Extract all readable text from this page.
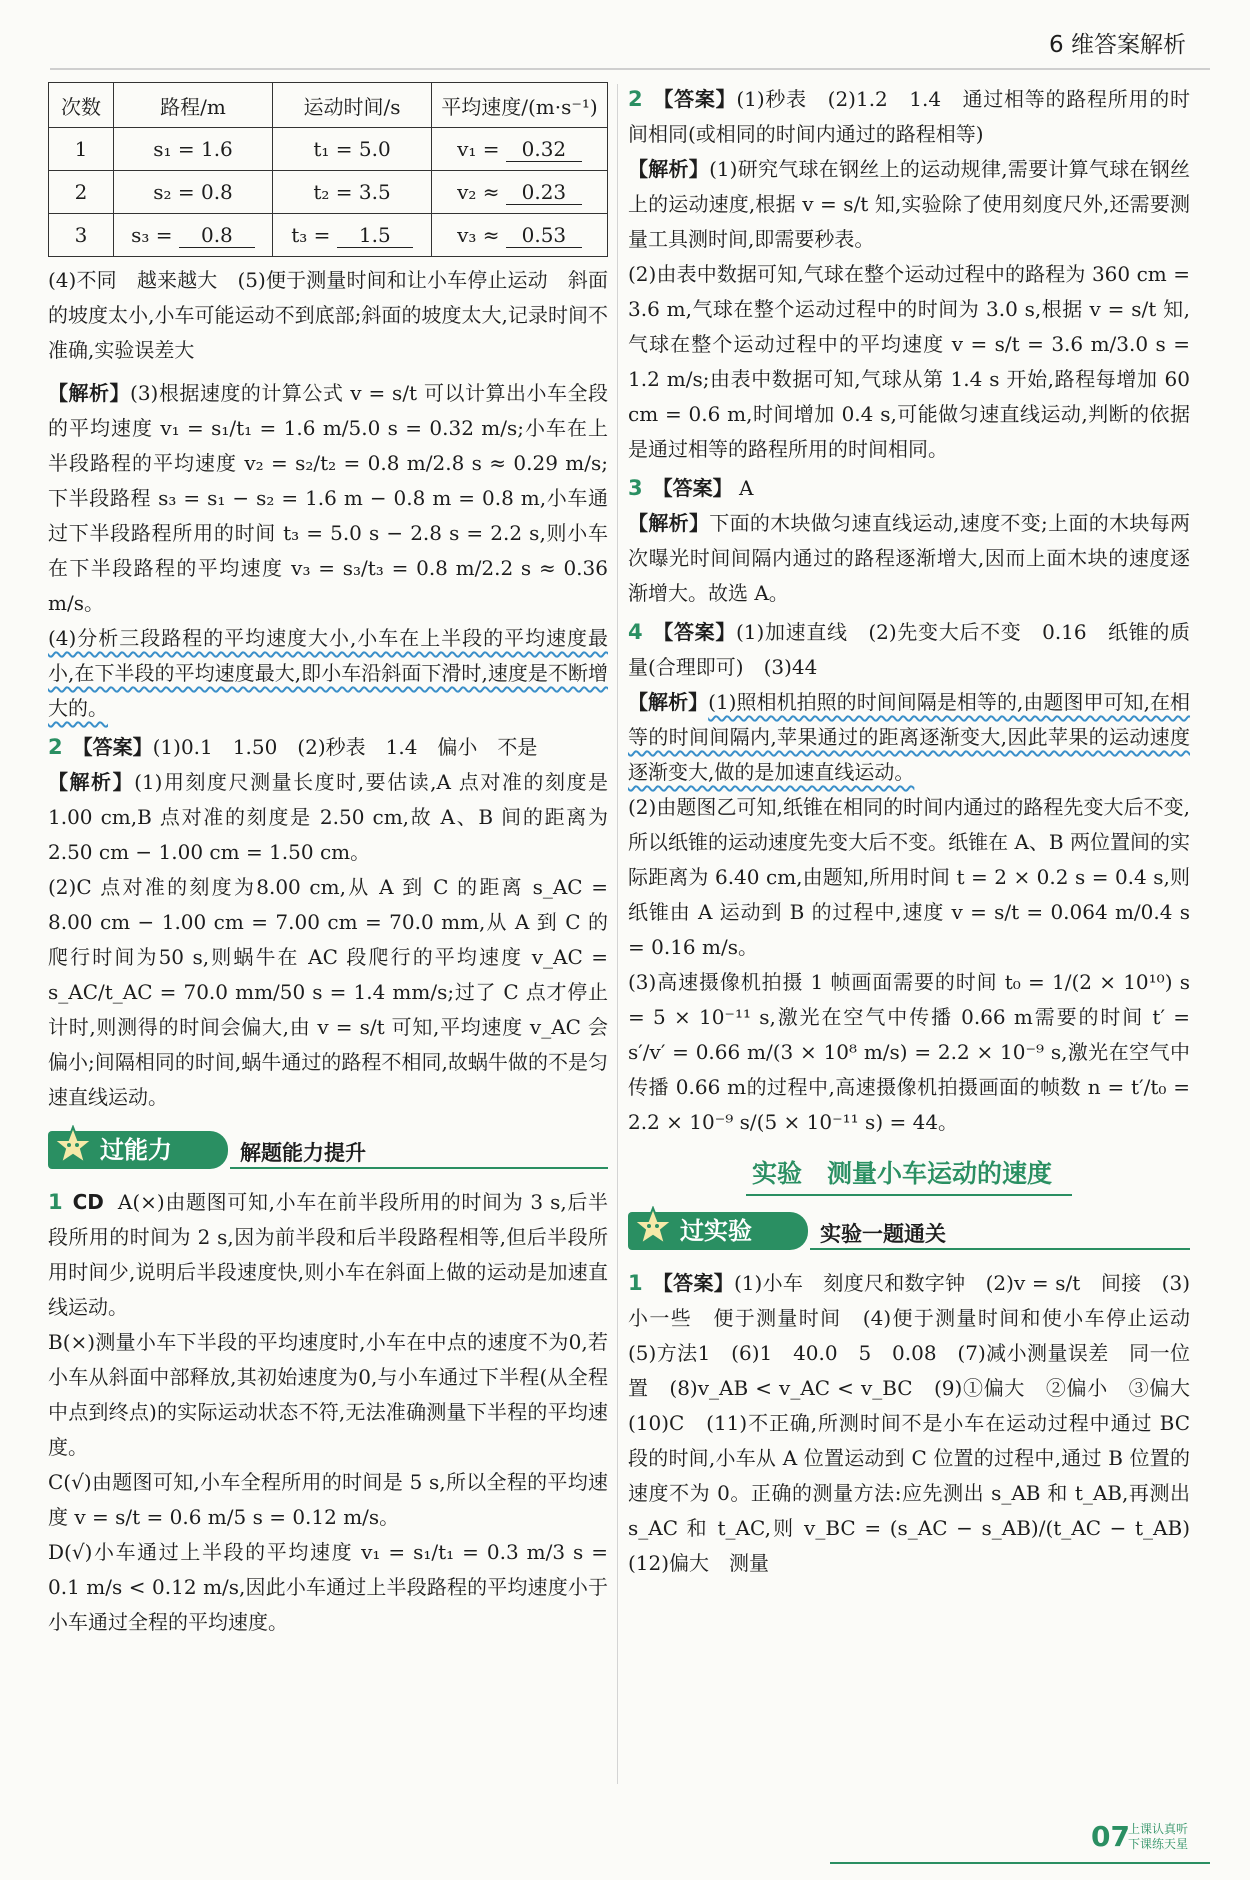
6 维答案解析
次数	路程/m	运动时间/s	平均速度/(m·s⁻¹)
1	s₁ = 1.6	t₁ = 5.0	v₁ = 0.32
2	s₂ = 0.8	t₂ = 3.5	v₂ ≈ 0.23
3	s₃ = 0.8	t₃ = 1.5	v₃ ≈ 0.53

(4)不同　越来越大　(5)便于测量时间和让小车停止运动　斜面的坡度太小,小车可能运动不到底部;斜面的坡度太大,记录时间不准确,实验误差大

【解析】(3)根据速度的计算公式 v = s/t 可以计算出小车全段的平均速度 v₁ = s₁/t₁ = 1.6 m/5.0 s = 0.32 m/s;小车在上半段路程的平均速度 v₂ = s₂/t₂ = 0.8 m/2.8 s ≈ 0.29 m/s;下半段路程 s₃ = s₁ − s₂ = 1.6 m − 0.8 m = 0.8 m,小车通过下半段路程所用的时间 t₃ = 5.0 s − 2.8 s = 2.2 s,则小车在下半段路程的平均速度 v₃ = s₃/t₃ = 0.8 m/2.2 s ≈ 0.36 m/s。

(4)分析三段路程的平均速度大小,小车在上半段的平均速度最小,在下半段的平均速度最大,即小车沿斜面下滑时,速度是不断增大的。

2 【答案】(1)0.1　1.50　(2)秒表　1.4　偏小　不是

【解析】(1)用刻度尺测量长度时,要估读,A 点对准的刻度是 1.00 cm,B 点对准的刻度是 2.50 cm,故 A、B 间的距离为 2.50 cm − 1.00 cm = 1.50 cm。

(2)C 点对准的刻度为8.00 cm,从 A 到 C 的距离 s_AC = 8.00 cm − 1.00 cm = 7.00 cm = 70.0 mm,从 A 到 C 的爬行时间为50 s,则蜗牛在 AC 段爬行的平均速度 v_AC = s_AC/t_AC = 70.0 mm/50 s = 1.4 mm/s;过了 C 点才停止计时,则测得的时间会偏大,由 v = s/t 可知,平均速度 v_AC 会偏小;间隔相同的时间,蜗牛通过的路程不相同,故蜗牛做的不是匀速直线运动。

过能力	解题能力提升

1 CD A(×)由题图可知,小车在前半段所用的时间为 3 s,后半段所用的时间为 2 s,因为前半段和后半段路程相等,但后半段所用时间少,说明后半段速度快,则小车在斜面上做的运动是加速直线运动。

B(×)测量小车下半段的平均速度时,小车在中点的速度不为0,若小车从斜面中部释放,其初始速度为0,与小车通过下半程(从全程中点到终点)的实际运动状态不符,无法准确测量下半程的平均速度。

C(√)由题图可知,小车全程所用的时间是 5 s,所以全程的平均速度 v = s/t = 0.6 m/5 s = 0.12 m/s。

D(√)小车通过上半段的平均速度 v₁ = s₁/t₁ = 0.3 m/3 s = 0.1 m/s < 0.12 m/s,因此小车通过上半段路程的平均速度小于小车通过全程的平均速度。

2 【答案】(1)秒表　(2)1.2　1.4　通过相等的路程所用的时间相同(或相同的时间内通过的路程相等)

【解析】(1)研究气球在钢丝上的运动规律,需要计算气球在钢丝上的运动速度,根据 v = s/t 知,实验除了使用刻度尺外,还需要测量工具测时间,即需要秒表。

(2)由表中数据可知,气球在整个运动过程中的路程为 360 cm = 3.6 m,气球在整个运动过程中的时间为 3.0 s,根据 v = s/t 知,气球在整个运动过程中的平均速度 v = s/t = 3.6 m/3.0 s = 1.2 m/s;由表中数据可知,气球从第 1.4 s 开始,路程每增加 60 cm = 0.6 m,时间增加 0.4 s,可能做匀速直线运动,判断的依据是通过相等的路程所用的时间相同。

3 【答案】 A

【解析】下面的木块做匀速直线运动,速度不变;上面的木块每两次曝光时间间隔内通过的路程逐渐增大,因而上面木块的速度逐渐增大。故选 A。

4 【答案】(1)加速直线　(2)先变大后不变　0.16　纸锥的质量(合理即可)　(3)44

【解析】(1)照相机拍照的时间间隔是相等的,由题图甲可知,在相等的时间间隔内,苹果通过的距离逐渐变大,因此苹果的运动速度逐渐变大,做的是加速直线运动。

(2)由题图乙可知,纸锥在相同的时间内通过的路程先变大后不变,所以纸锥的运动速度先变大后不变。纸锥在 A、B 两位置间的实际距离为 6.40 cm,由题知,所用时间 t = 2 × 0.2 s = 0.4 s,则纸锥由 A 运动到 B 的过程中,速度 v = s/t = 0.064 m/0.4 s = 0.16 m/s。

(3)高速摄像机拍摄 1 帧画面需要的时间 t₀ = 1/(2 × 10¹⁰) s = 5 × 10⁻¹¹ s,激光在空气中传播 0.66 m需要的时间 t′ = s′/v′ = 0.66 m/(3 × 10⁸ m/s) = 2.2 × 10⁻⁹ s,激光在空气中传播 0.66 m的过程中,高速摄像机拍摄画面的帧数 n = t′/t₀ = 2.2 × 10⁻⁹ s/(5 × 10⁻¹¹ s) = 44。

实验　测量小车运动的速度
过实验	实验一题通关

1 【答案】(1)小车　刻度尺和数字钟　(2)v = s/t　间接　(3)小一些　便于测量时间　(4)便于测量时间和使小车停止运动　(5)方法1　(6)1　40.0　5　0.08　(7)减小测量误差　同一位置　(8)v_AB < v_AC < v_BC　(9)①偏大　②偏小　③偏大　(10)C　(11)不正确,所测时间不是小车在运动过程中通过 BC 段的时间,小车从 A 位置运动到 C 位置的过程中,通过 B 位置的速度不为 0。正确的测量方法:应先测出 s_AB 和 t_AB,再测出 s_AC 和 t_AC,则 v_BC = (s_AC − s_AB)/(t_AC − t_AB)　(12)偏大　测量

07
上课认真听 下课练天星
